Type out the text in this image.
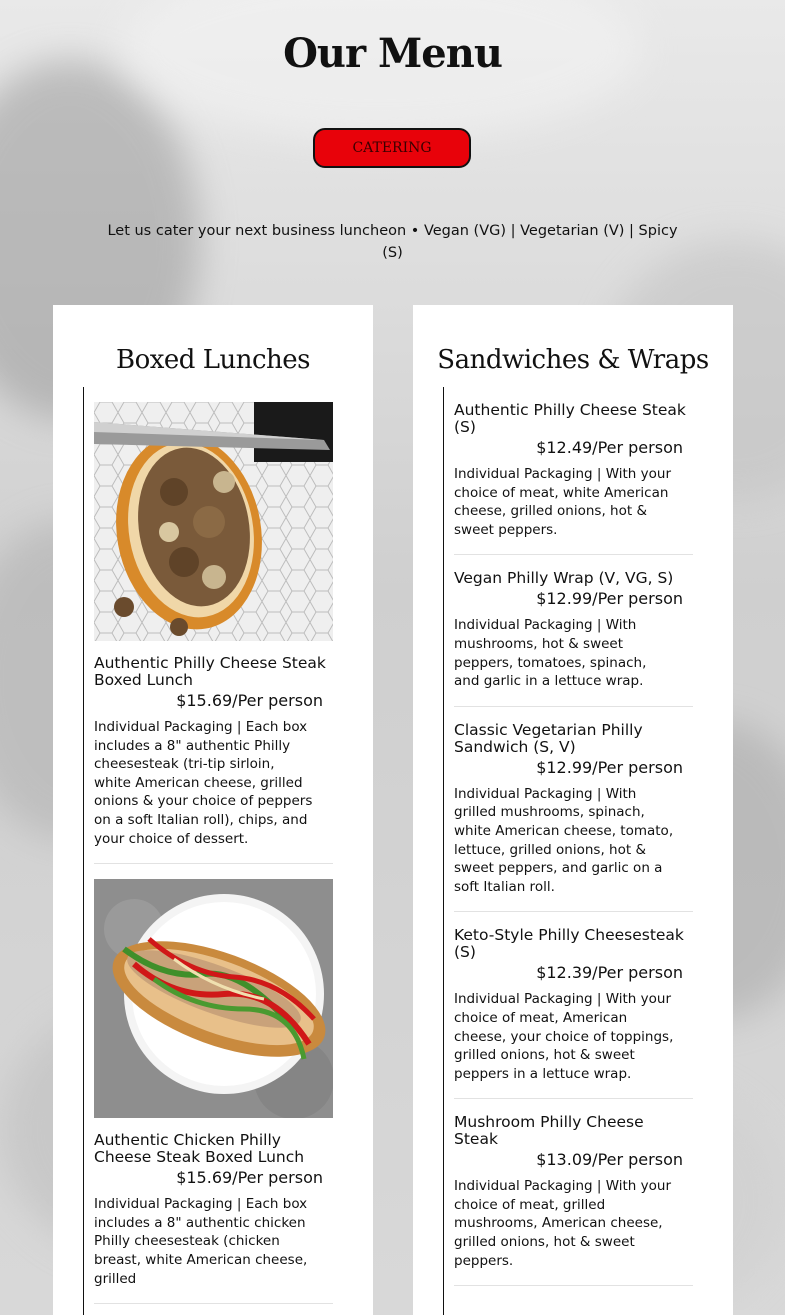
Our Menu
CATERING
Let us cater your next business luncheon • Vegan (VG) | Vegetarian (V) | Spicy (S)
Boxed Lunches
Authentic Philly Cheese Steak Boxed Lunch
$15.69/Per person
Individual Packaging | Each box includes a 8" authentic Philly cheesesteak (tri-tip sirloin, white American cheese, grilled onions & your choice of peppers on a soft Italian roll), chips, and your choice of dessert.
Authentic Chicken Philly Cheese Steak Boxed Lunch
$15.69/Per person
Individual Packaging | Each box includes a 8" authentic chicken Philly cheesesteak (chicken breast, white American cheese, grilled
Sandwiches & Wraps
Authentic Philly Cheese Steak (S)
$12.49/Per person
Individual Packaging | With your choice of meat, white American cheese, grilled onions, hot & sweet peppers.
Vegan Philly Wrap (V, VG, S)
$12.99/Per person
Individual Packaging | With mushrooms, hot & sweet peppers, tomatoes, spinach, and garlic in a lettuce wrap.
Classic Vegetarian Philly Sandwich (S, V)
$12.99/Per person
Individual Packaging | With grilled mushrooms, spinach, white American cheese, tomato, lettuce, grilled onions, hot & sweet peppers, and garlic on a soft Italian roll.
Keto-Style Philly Cheesesteak (S)
$12.39/Per person
Individual Packaging | With your choice of meat, American cheese, your choice of toppings, grilled onions, hot & sweet peppers in a lettuce wrap.
Mushroom Philly Cheese Steak
$13.09/Per person
Individual Packaging | With your choice of meat, grilled mushrooms, American cheese, grilled onions, hot & sweet peppers.
